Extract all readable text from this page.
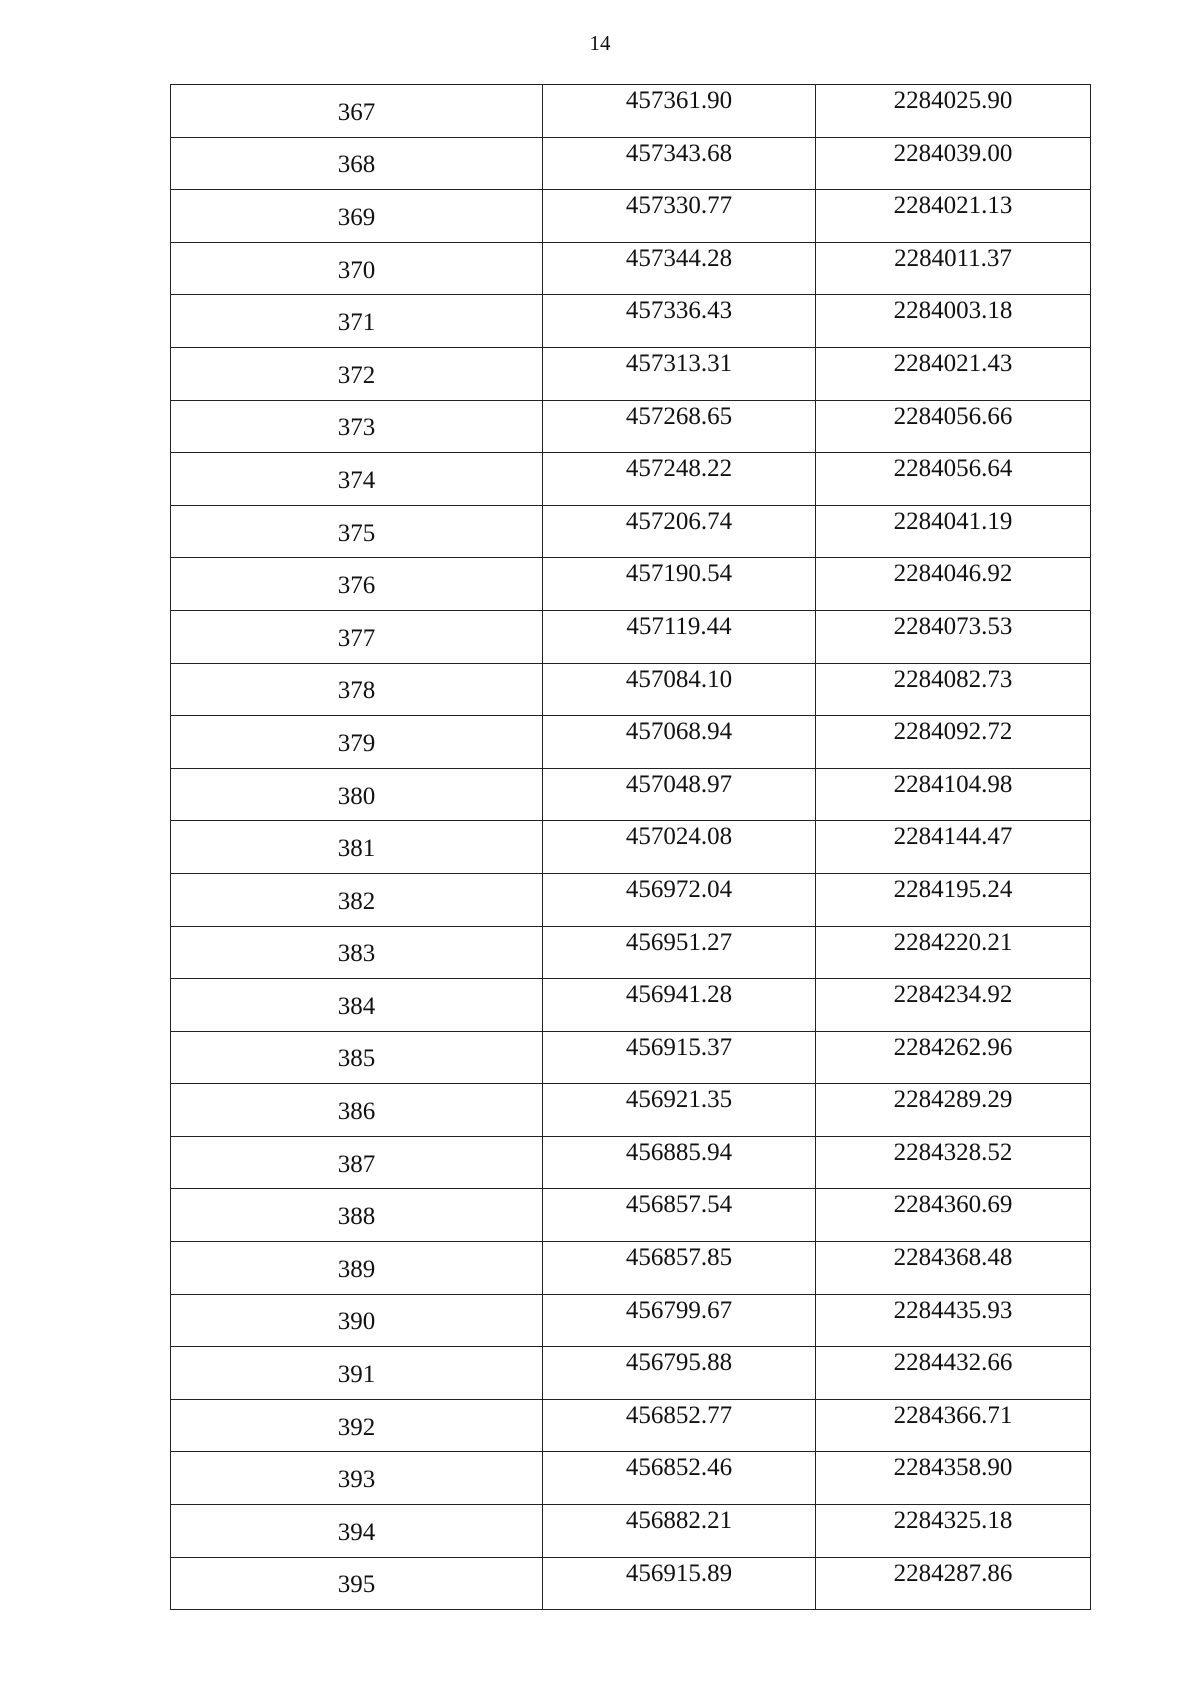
14
367	457361.90	2284025.90
368	457343.68	2284039.00
369	457330.77	2284021.13
370	457344.28	2284011.37
371	457336.43	2284003.18
372	457313.31	2284021.43
373	457268.65	2284056.66
374	457248.22	2284056.64
375	457206.74	2284041.19
376	457190.54	2284046.92
377	457119.44	2284073.53
378	457084.10	2284082.73
379	457068.94	2284092.72
380	457048.97	2284104.98
381	457024.08	2284144.47
382	456972.04	2284195.24
383	456951.27	2284220.21
384	456941.28	2284234.92
385	456915.37	2284262.96
386	456921.35	2284289.29
387	456885.94	2284328.52
388	456857.54	2284360.69
389	456857.85	2284368.48
390	456799.67	2284435.93
391	456795.88	2284432.66
392	456852.77	2284366.71
393	456852.46	2284358.90
394	456882.21	2284325.18
395	456915.89	2284287.86
